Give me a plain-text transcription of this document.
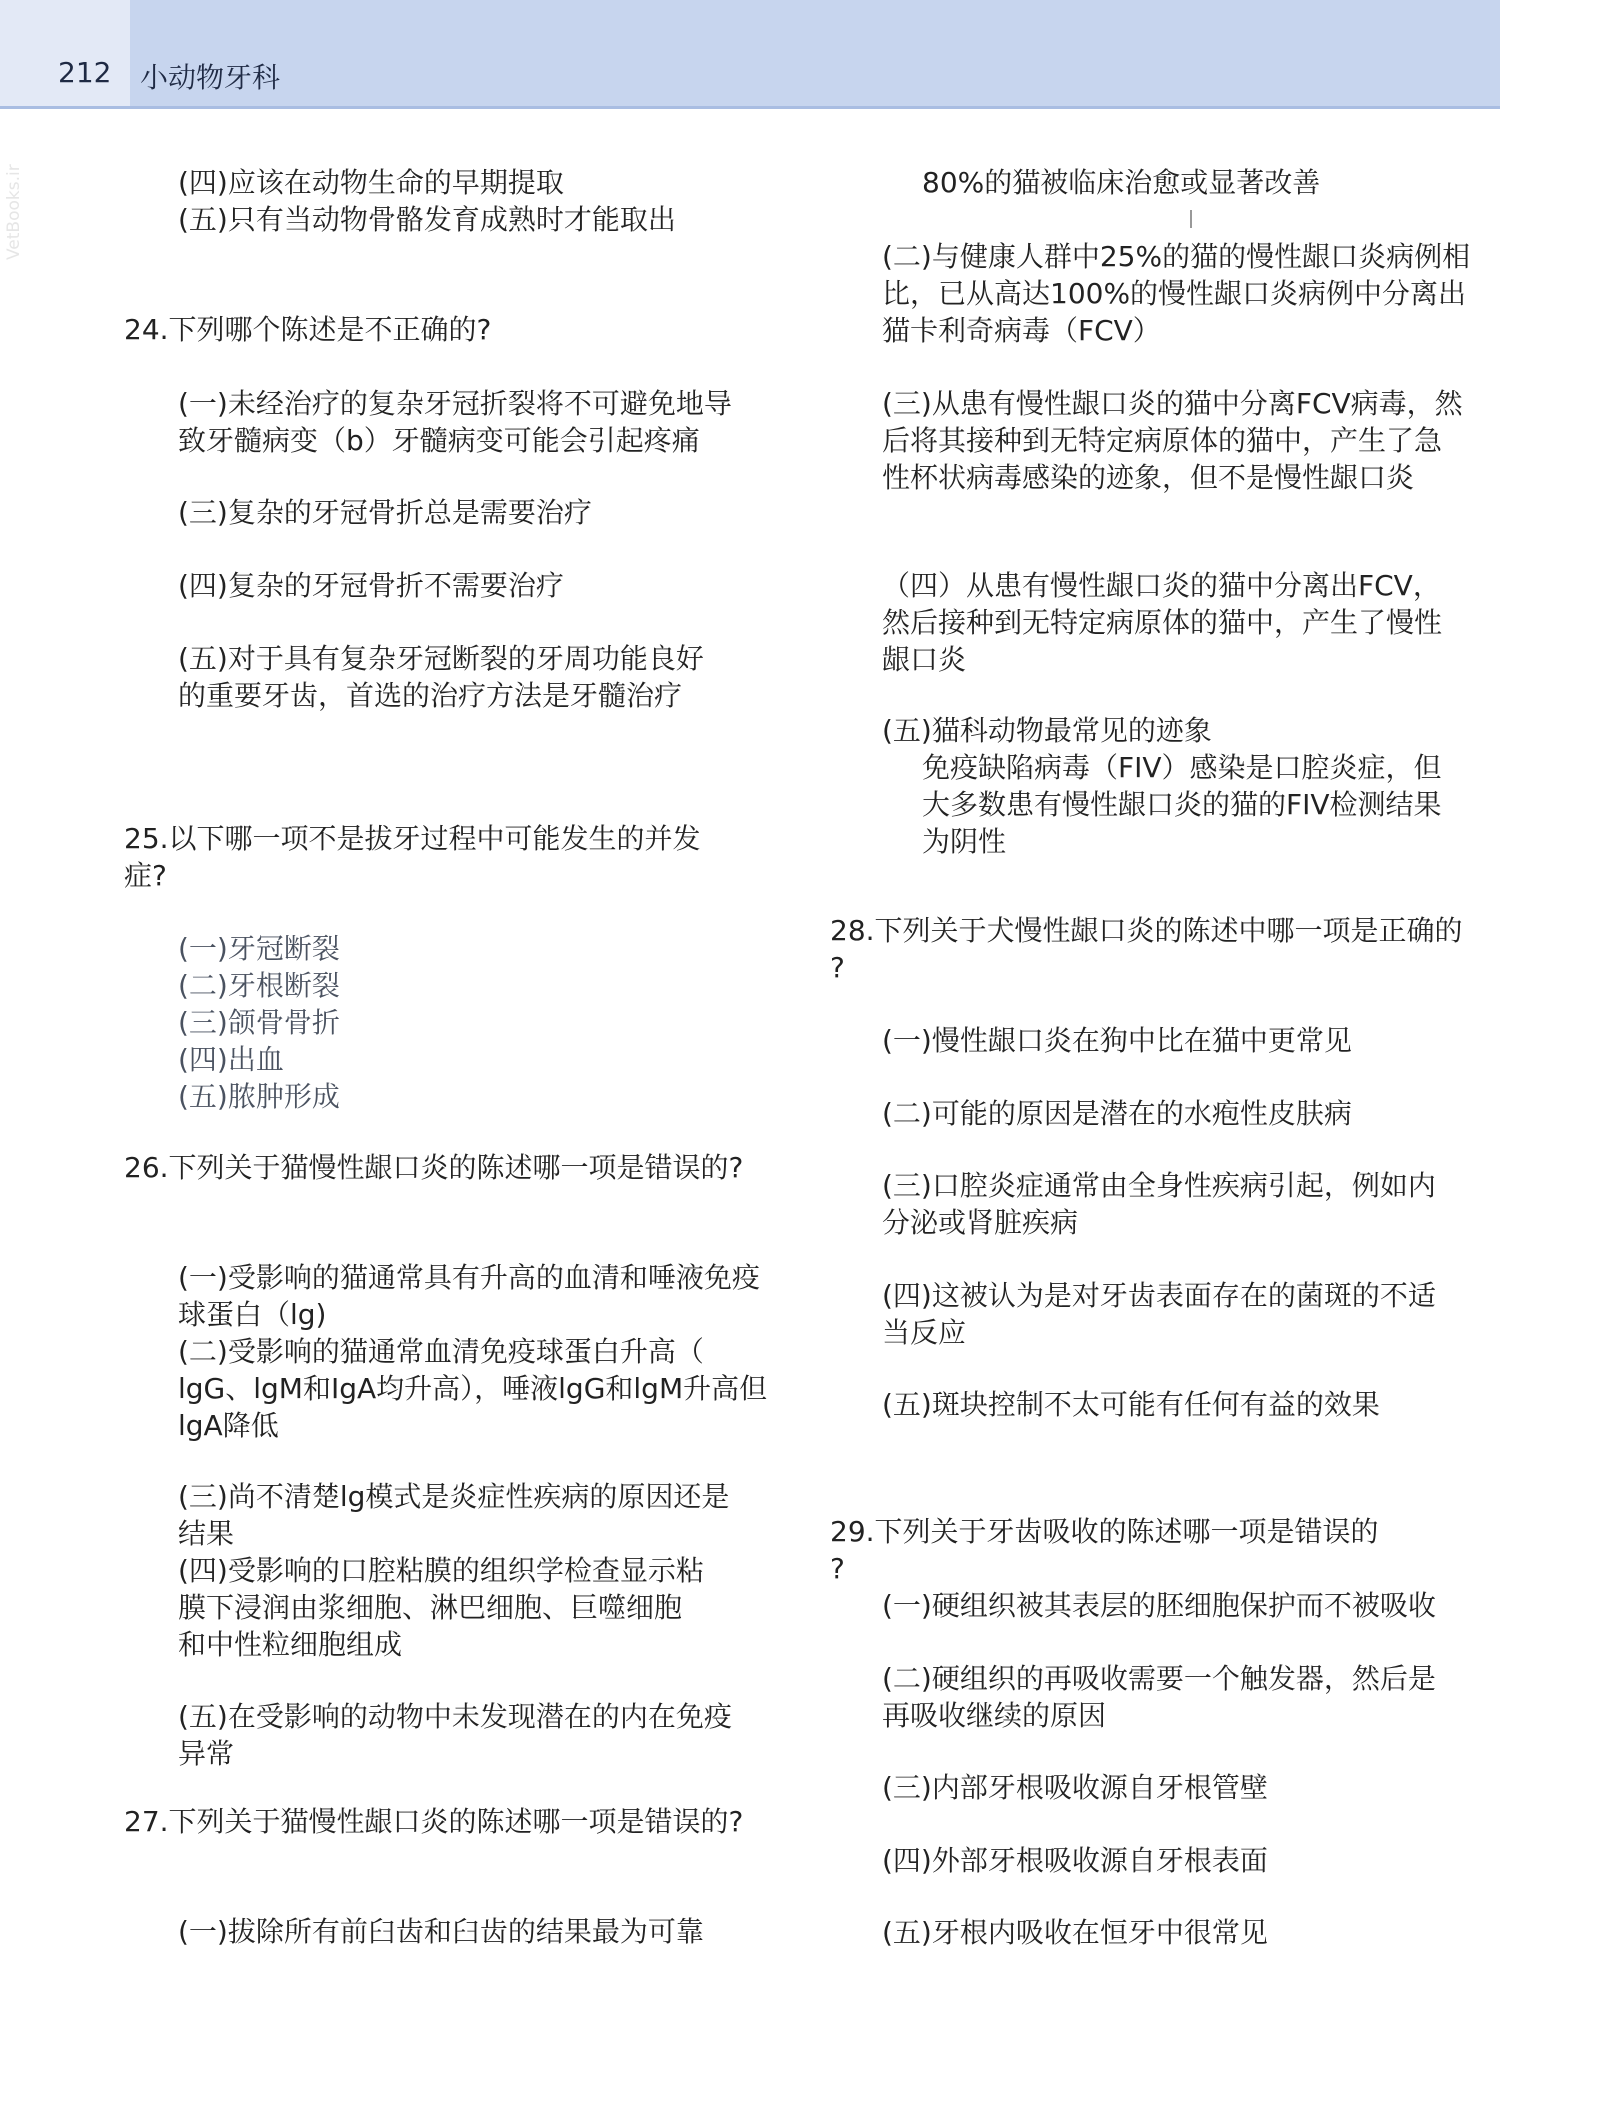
212 小动物牙科
VetBooks.ir	(四)应该在动物生命的早期提取
(五)只有当动物骨骼发育成熟时才能取出
24.下列哪个陈述是不正确的?
(一)未经治疗的复杂牙冠折裂将不可避免地导
致牙髓病变（b）牙髓病变可能会引起疼痛
(三)复杂的牙冠骨折总是需要治疗
(四)复杂的牙冠骨折不需要治疗
(五)对于具有复杂牙冠断裂的牙周功能良好
的重要牙齿，首选的治疗方法是牙髓治疗
25.以下哪一项不是拔牙过程中可能发生的并发
症?
(一)牙冠断裂
(二)牙根断裂
(三)颌骨骨折
(四)出血
(五)脓肿形成
26.下列关于猫慢性龈口炎的陈述哪一项是错误的?
(一)受影响的猫通常具有升高的血清和唾液免疫
球蛋白（lg)
(二)受影响的猫通常血清免疫球蛋白升高（
lgG、lgM和IgA均升高），唾液lgG和lgM升高但
lgA降低
(三)尚不清楚lg模式是炎症性疾病的原因还是
结果
(四)受影响的口腔粘膜的组织学检查显示粘
膜下浸润由浆细胞、淋巴细胞、巨噬细胞
和中性粒细胞组成
(五)在受影响的动物中未发现潜在的内在免疫
异常
27.下列关于猫慢性龈口炎的陈述哪一项是错误的?
(一)拔除所有前臼齿和臼齿的结果最为可靠
80%的猫被临床治愈或显著改善
(二)与健康人群中25%的猫的慢性龈口炎病例相
比，已从高达100%的慢性龈口炎病例中分离出
猫卡利奇病毒（FCV）
(三)从患有慢性龈口炎的猫中分离FCV病毒，然
后将其接种到无特定病原体的猫中，产生了急
性杯状病毒感染的迹象，但不是慢性龈口炎
（四）从患有慢性龈口炎的猫中分离出FCV，
然后接种到无特定病原体的猫中，产生了慢性
龈口炎
(五)猫科动物最常见的迹象
免疫缺陷病毒（FIV）感染是口腔炎症，但
大多数患有慢性龈口炎的猫的FIV检测结果
为阴性
28.下列关于犬慢性龈口炎的陈述中哪一项是正确的
?
(一)慢性龈口炎在狗中比在猫中更常见
(二)可能的原因是潜在的水疱性皮肤病
(三)口腔炎症通常由全身性疾病引起，例如内
分泌或肾脏疾病
(四)这被认为是对牙齿表面存在的菌斑的不适
当反应
(五)斑块控制不太可能有任何有益的效果
29.下列关于牙齿吸收的陈述哪一项是错误的
?
(一)硬组织被其表层的胚细胞保护而不被吸收
(二)硬组织的再吸收需要一个触发器，然后是
再吸收继续的原因
(三)内部牙根吸收源自牙根管壁
(四)外部牙根吸收源自牙根表面
(五)牙根内吸收在恒牙中很常见
